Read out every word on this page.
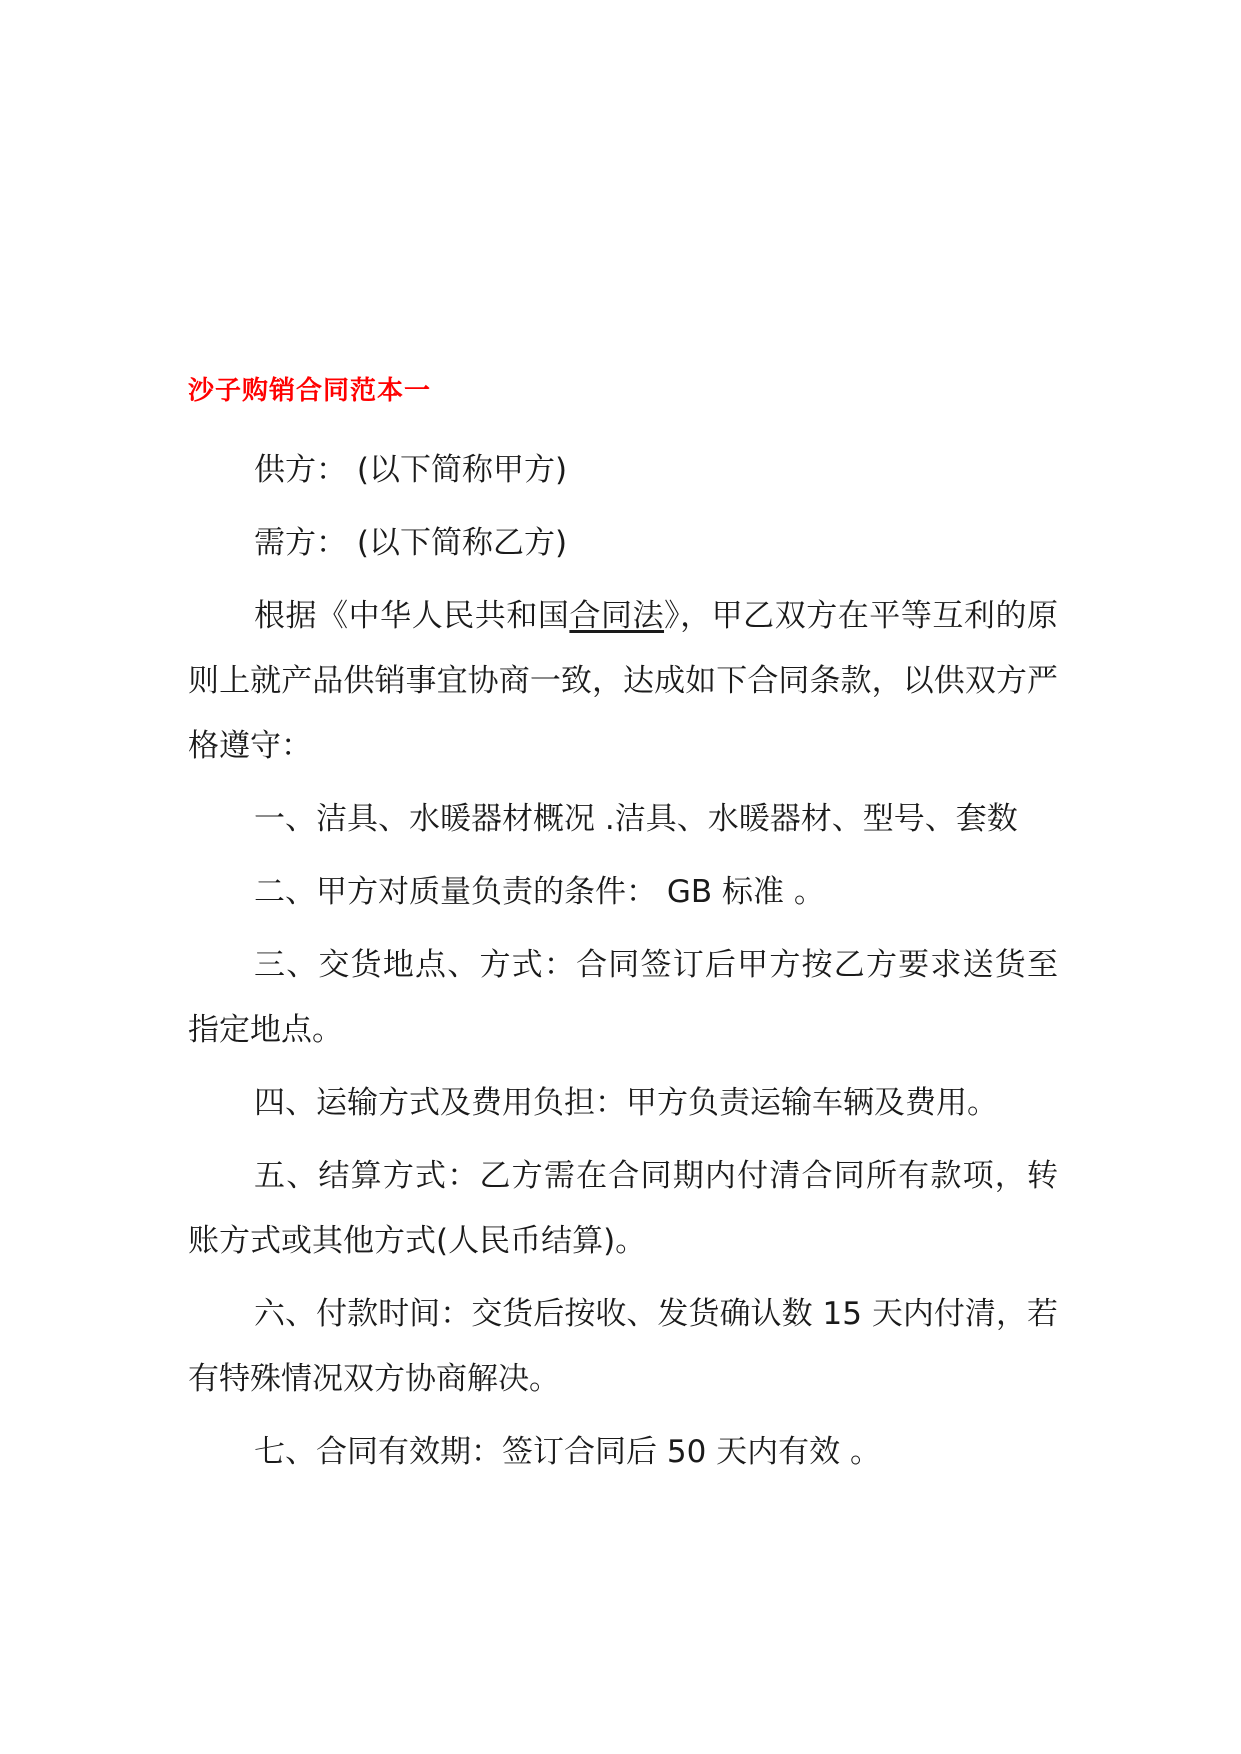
沙子购销合同范本一

供方： (以下简称甲方)

需方： (以下简称乙方)

根据《中华人民共和国合同法》，甲乙双方在平等互利的原则上就产品供销事宜协商一致，达成如下合同条款，以供双方严格遵守：

一、洁具、水暖器材概况 .洁具、水暖器材、型号、套数

二、甲方对质量负责的条件： GB 标准 。

三、交货地点、方式：合同签订后甲方按乙方要求送货至指定地点。

四、运输方式及费用负担：甲方负责运输车辆及费用。

五、结算方式：乙方需在合同期内付清合同所有款项，转账方式或其他方式(人民币结算)。

六、付款时间：交货后按收、发货确认数 15 天内付清，若有特殊情况双方协商解决。

七、合同有效期：签订合同后 50 天内有效 。
